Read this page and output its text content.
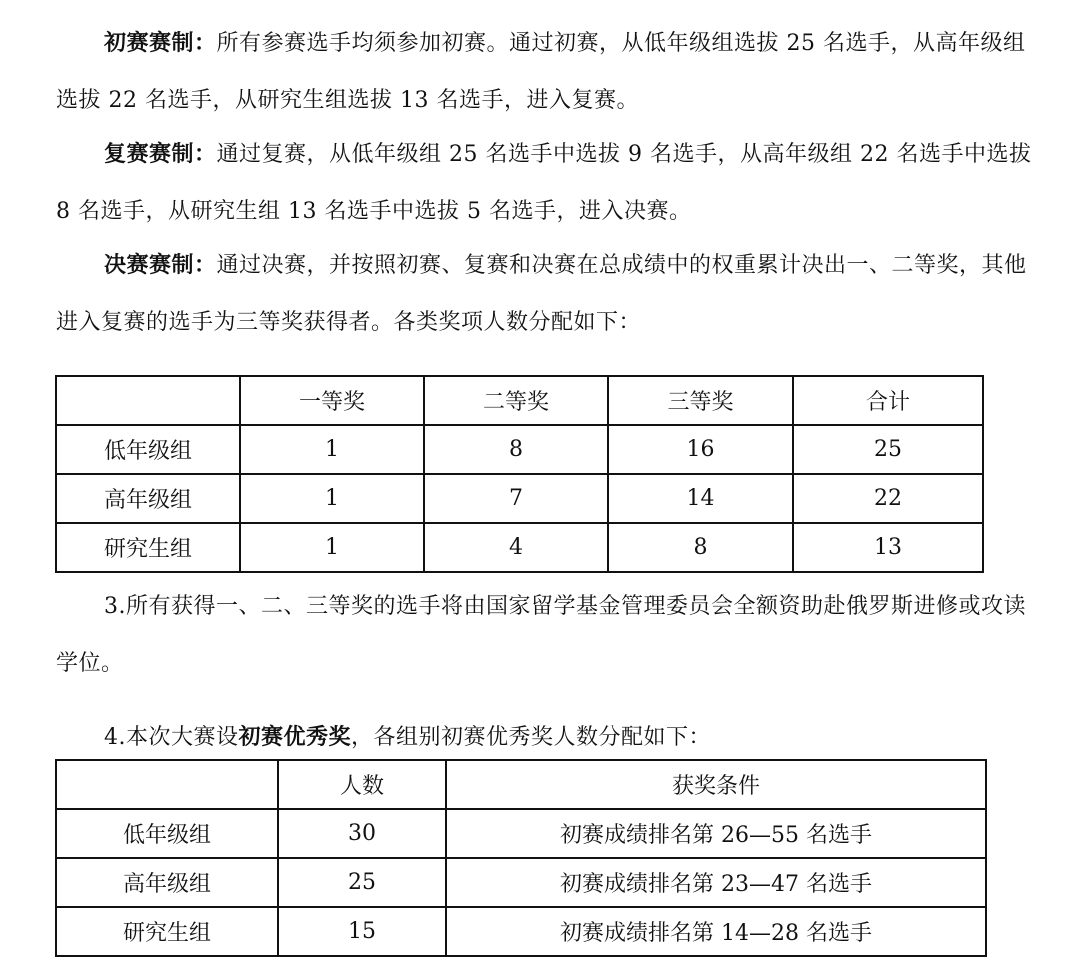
初赛赛制：所有参赛选手均须参加初赛。通过初赛，从低年级组选拔 25 名选手，从高年级组选拔 22 名选手，从研究生组选拔 13 名选手，进入复赛。

复赛赛制：通过复赛，从低年级组 25 名选手中选拔 9 名选手，从高年级组 22 名选手中选拔 8 名选手，从研究生组 13 名选手中选拔 5 名选手，进入决赛。

决赛赛制：通过决赛，并按照初赛、复赛和决赛在总成绩中的权重累计决出一、二等奖，其他进入复赛的选手为三等奖获得者。各类奖项人数分配如下：

	一等奖	二等奖	三等奖	合计
低年级组	1	8	16	25
高年级组	1	7	14	22
研究生组	1	4	8	13

3.所有获得一、二、三等奖的选手将由国家留学基金管理委员会全额资助赴俄罗斯进修或攻读学位。

4.本次大赛设初赛优秀奖，各组别初赛优秀奖人数分配如下：

	人数	获奖条件
低年级组	30	初赛成绩排名第 26—55 名选手
高年级组	25	初赛成绩排名第 23—47 名选手
研究生组	15	初赛成绩排名第 14—28 名选手
